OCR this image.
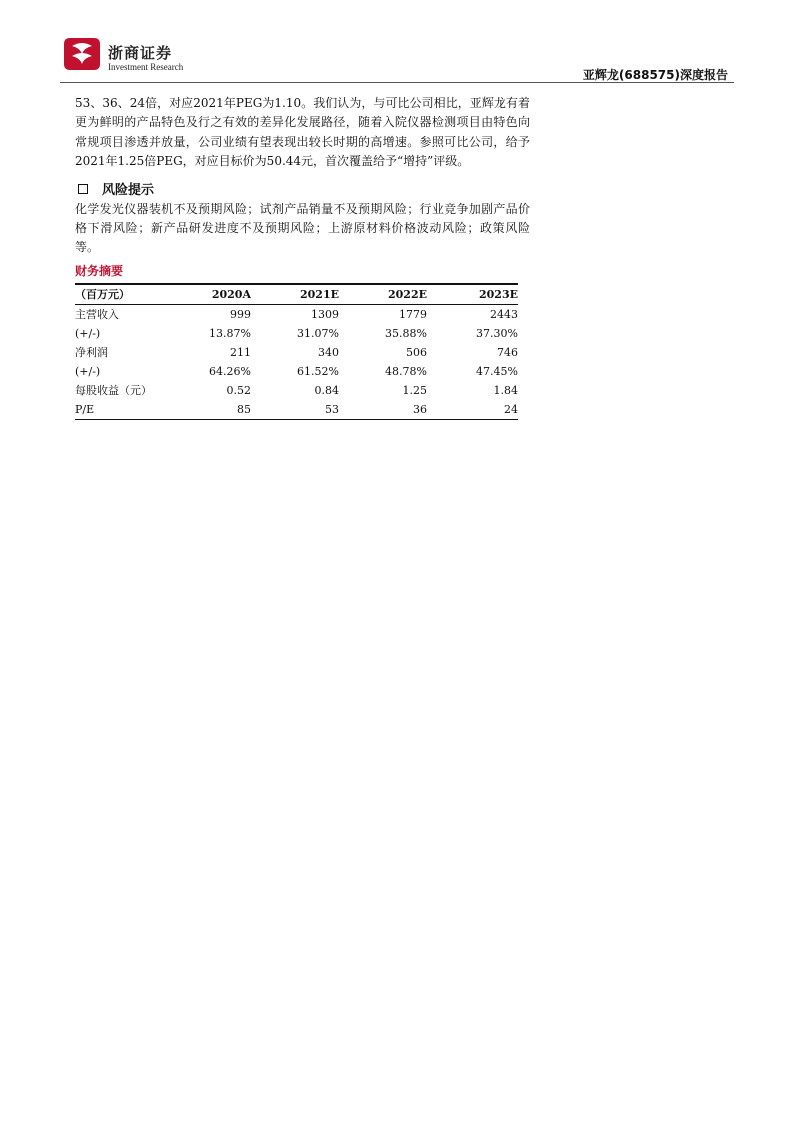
浙商证券
Investment Research
亚辉龙(688575)深度报告

53、36、24倍，对应2021年PEG为1.10。我们认为，与可比公司相比，亚辉龙有着更为鲜明的产品特色及行之有效的差异化发展路径，随着入院仪器检测项目由特色向常规项目渗透并放量，公司业绩有望表现出较长时期的高增速。参照可比公司，给予2021年1.25倍PEG，对应目标价为50.44元，首次覆盖给予“增持”评级。

风险提示

化学发光仪器装机不及预期风险；试剂产品销量不及预期风险；行业竞争加剧产品价格下滑风险；新产品研发进度不及预期风险；上游原材料价格波动风险；政策风险等。

财务摘要
（百万元）	2020A	2021E	2022E	2023E
主营收入	999	1309	1779	2443
(+/-)	13.87%	31.07%	35.88%	37.30%
净利润	211	340	506	746
(+/-)	64.26%	61.52%	48.78%	47.45%
每股收益（元）	0.52	0.84	1.25	1.84
P/E	85	53	36	24
